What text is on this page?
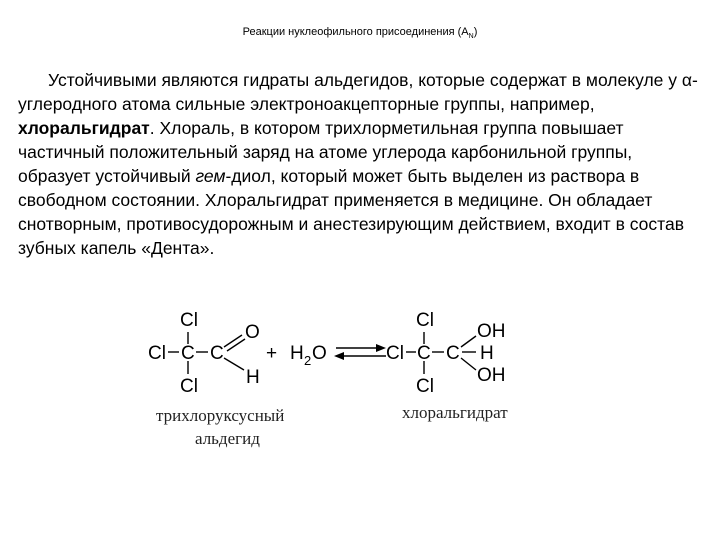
Реакции нуклеофильного присоединения $(A_N)$

Устойчивыми являются гидраты альдегидов, которые содержат в молекуле у α-углеродного атома сильные электроноакцепторные группы, например, хлоральгидрат. Хлораль, в котором трихлорметильная группа повышает частичный положительный заряд на атоме углерода карбонильной группы, образует устойчивый гем-диол, который может быть выделен из раствора в свободном состоянии. Хлоральгидрат применяется в медицине. Он обладает снотворным, противосудорожным и анестезирующим действием, входит в состав зубных капель «Дента».

Cl
Cl C C
Cl
O
H
+ H 2 O
Cl
Cl C C
Cl
OH
H
OH
трихлоруксусный
альдегид
хлоральгидрат
